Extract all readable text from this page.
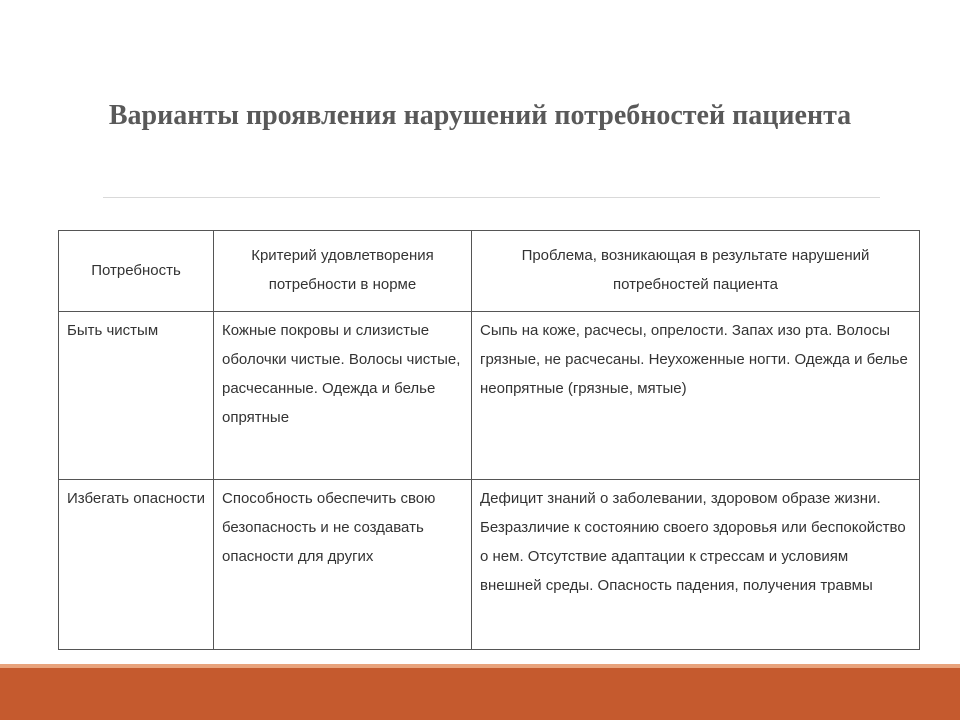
Варианты проявления нарушений потребностей пациента
Потребность	Критерий удовлетворения потребности в норме	Проблема, возникающая в результате нарушений потребностей пациента
Быть чистым	Кожные покровы и слизистые оболочки чистые. Волосы чистые, расчесанные. Одежда и белье опрятные	Сыпь на коже, расчесы, опрелости. Запах изо рта. Волосы грязные, не расчесаны. Неухоженные ногти. Одежда и белье неопрятные (грязные, мятые)
Избегать опасности	Способность обеспечить свою безопасность и не создавать опасности для других	Дефицит знаний о заболевании, здоровом образе жизни. Безразличие к состоянию своего здоровья или беспокойство о нем. Отсутствие адаптации к стрессам и условиям внешней среды. Опасность падения, получения травмы
